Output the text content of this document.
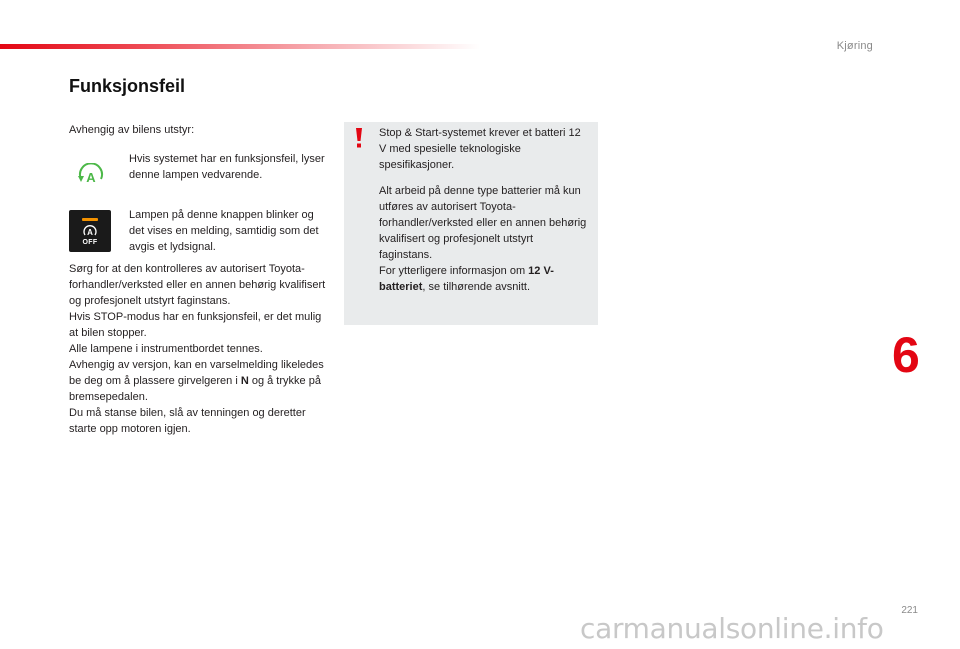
Kjøring
Funksjonsfeil
Avhengig av bilens utstyr:
A
Hvis systemet har en funksjonsfeil, lyser denne lampen vedvarende.
A
OFF
Lampen på denne knappen blinker og det vises en melding, samtidig som det avgis et lydsignal.

Sørg for at den kontrolleres av autorisert Toyota-forhandler/verksted eller en annen behørig kvalifisert og profesjonelt utstyrt faginstans.

Hvis STOP-modus har en funksjonsfeil, er det mulig at bilen stopper.

Alle lampene i instrumentbordet tennes.

Avhengig av versjon, kan en varselmelding likeledes be deg om å plassere girvelgeren i N og å trykke på bremsepedalen.

Du må stanse bilen, slå av tenningen og deretter starte opp motoren igjen.

Stop & Start-systemet krever et batteri 12 V med spesielle teknologiske spesifikasjoner.

Alt arbeid på denne type batterier må kun utføres av autorisert Toyota-forhandler/verksted eller en annen behørig kvalifisert og profesjonelt utstyrt faginstans.

For ytterligere informasjon om 12 V-batteriet, se tilhørende avsnitt.

6
221
carmanualsonline.info
